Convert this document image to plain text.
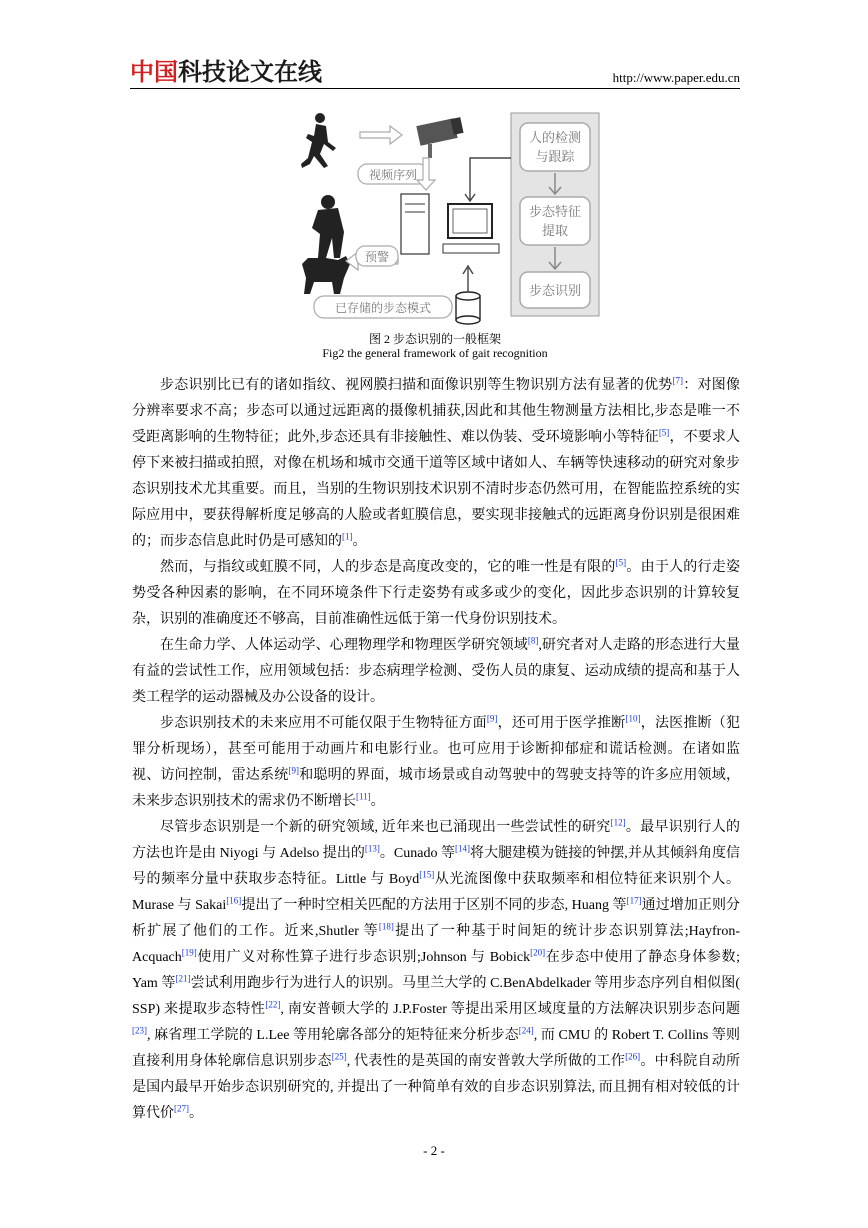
中国科技论文在线	http://www.paper.edu.cn
人的检测
与跟踪
步态特征
提取
步态识别
视频序列
预警
已存储的步态模式
图 2 步态识别的一般框架
Fig2 the general framework of gait recognition

步态识别比已有的诸如指纹、视网膜扫描和面像识别等生物识别方法有显著的优势[7]：对图像分辨率要求不高；步态可以通过远距离的摄像机捕获,因此和其他生物测量方法相比,步态是唯一不受距离影响的生物特征；此外,步态还具有非接触性、难以伪装、受环境影响小等特征[5]，不要求人停下来被扫描或拍照，对像在机场和城市交通干道等区域中诸如人、车辆等快速移动的研究对象步态识别技术尤其重要。而且，当别的生物识别技术识别不清时步态仍然可用，在智能监控系统的实际应用中，要获得解析度足够高的人脸或者虹膜信息，要实现非接触式的远距离身份识别是很困难的；而步态信息此时仍是可感知的[1]。

然而，与指纹或虹膜不同，人的步态是高度改变的，它的唯一性是有限的[5]。由于人的行走姿势受各种因素的影响，在不同环境条件下行走姿势有或多或少的变化，因此步态识别的计算较复杂，识别的准确度还不够高，目前准确性远低于第一代身份识别技术。

在生命力学、人体运动学、心理物理学和物理医学研究领域[8],研究者对人走路的形态进行大量有益的尝试性工作，应用领域包括：步态病理学检测、受伤人员的康复、运动成绩的提高和基于人类工程学的运动器械及办公设备的设计。

步态识别技术的未来应用不可能仅限于生物特征方面[9]，还可用于医学推断[10]，法医推断（犯罪分析现场），甚至可能用于动画片和电影行业。也可应用于诊断抑郁症和谎话检测。在诸如监视、访问控制，雷达系统[9]和聪明的界面，城市场景或自动驾驶中的驾驶支持等的许多应用领域，未来步态识别技术的需求仍不断增长[11]。

尽管步态识别是一个新的研究领域, 近年来也已涌现出一些尝试性的研究[12]。最早识别行人的方法也许是由 Niyogi 与 Adelso 提出的[13]。Cunado 等[14]将大腿建模为链接的钟摆,并从其倾斜角度信号的频率分量中获取步态特征。Little 与 Boyd[15]从光流图像中获取频率和相位特征来识别个人。Murase 与 Sakai[16]提出了一种时空相关匹配的方法用于区别不同的步态, Huang 等[17]通过增加正则分析扩展了他们的工作。近来,Shutler 等[18]提出了一种基于时间矩的统计步态识别算法;Hayfron- Acquach[19]使用广义对称性算子进行步态识别;Johnson 与 Bobick[20]在步态中使用了静态身体参数; Yam 等[21]尝试利用跑步行为进行人的识别。马里兰大学的 C.BenAbdelkader 等用步态序列自相似图( SSP) 来提取步态特性[22], 南安普顿大学的 J.P.Foster 等提出采用区域度量的方法解决识别步态问题[23], 麻省理工学院的 L.Lee 等用轮廓各部分的矩特征来分析步态[24], 而 CMU 的 Robert T. Collins 等则直接利用身体轮廓信息识别步态[25], 代表性的是英国的南安普敦大学所做的工作[26]。中科院自动所是国内最早开始步态识别研究的, 并提出了一种简单有效的自步态识别算法, 而且拥有相对较低的计算代价[27]。

- 2 -
